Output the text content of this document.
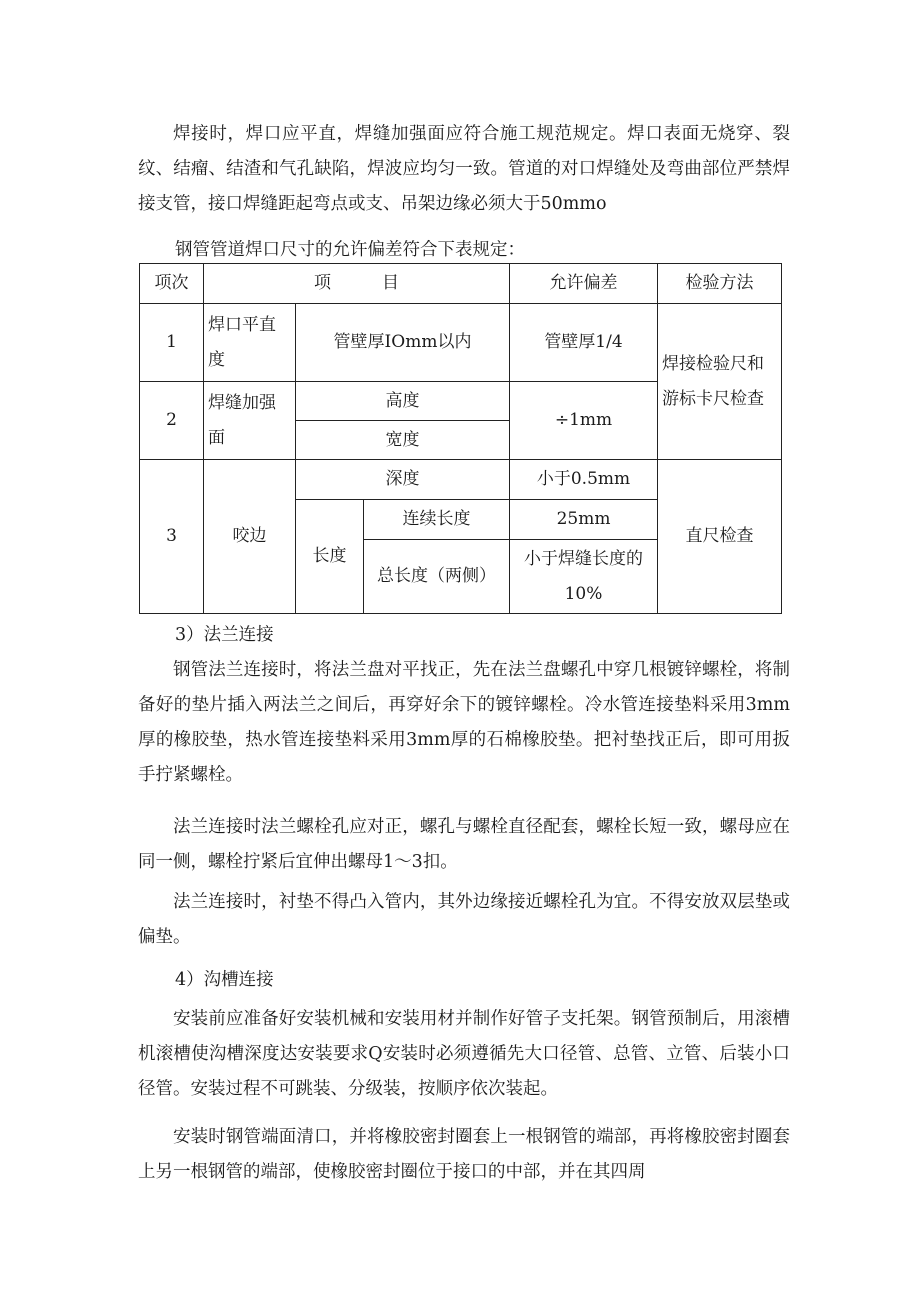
焊接时，焊口应平直，焊缝加强面应符合施工规范规定。焊口表面无烧穿、裂纹、结瘤、结渣和气孔缺陷，焊波应均匀一致。管道的对口焊缝处及弯曲部位严禁焊接支管，接口焊缝距起弯点或支、吊架边缘必须大于50mmo

钢管管道焊口尺寸的允许偏差符合下表规定：

项次	项　　　目			允许偏差	检验方法
1	焊口平直度	管壁厚IOmm以内		管壁厚1/4	焊接检验尺和游标卡尺检查
2	焊缝加强面	高度		÷1mm	
		宽度			
3	咬边	深度		小于0.5mm	直尺检查
		长度	连续长度	25mm	
			总长度（两侧）	小于焊缝长度的10%	

3）法兰连接

钢管法兰连接时，将法兰盘对平找正，先在法兰盘螺孔中穿几根镀锌螺栓，将制备好的垫片插入两法兰之间后，再穿好余下的镀锌螺栓。冷水管连接垫料采用3mm厚的橡胶垫，热水管连接垫料采用3mm厚的石棉橡胶垫。把衬垫找正后，即可用扳手拧紧螺栓。

法兰连接时法兰螺栓孔应对正，螺孔与螺栓直径配套，螺栓长短一致，螺母应在同一侧，螺栓拧紧后宜伸出螺母1～3扣。

法兰连接时，衬垫不得凸入管内，其外边缘接近螺栓孔为宜。不得安放双层垫或偏垫。

4）沟槽连接

安装前应准备好安装机械和安装用材并制作好管子支托架。钢管预制后，用滚槽机滚槽使沟槽深度达安装要求Q安装时必须遵循先大口径管、总管、立管、后装小口径管。安装过程不可跳装、分级装，按顺序依次装起。

安装时钢管端面清口，并将橡胶密封圈套上一根钢管的端部，再将橡胶密封圈套上另一根钢管的端部，使橡胶密封圈位于接口的中部，并在其四周
